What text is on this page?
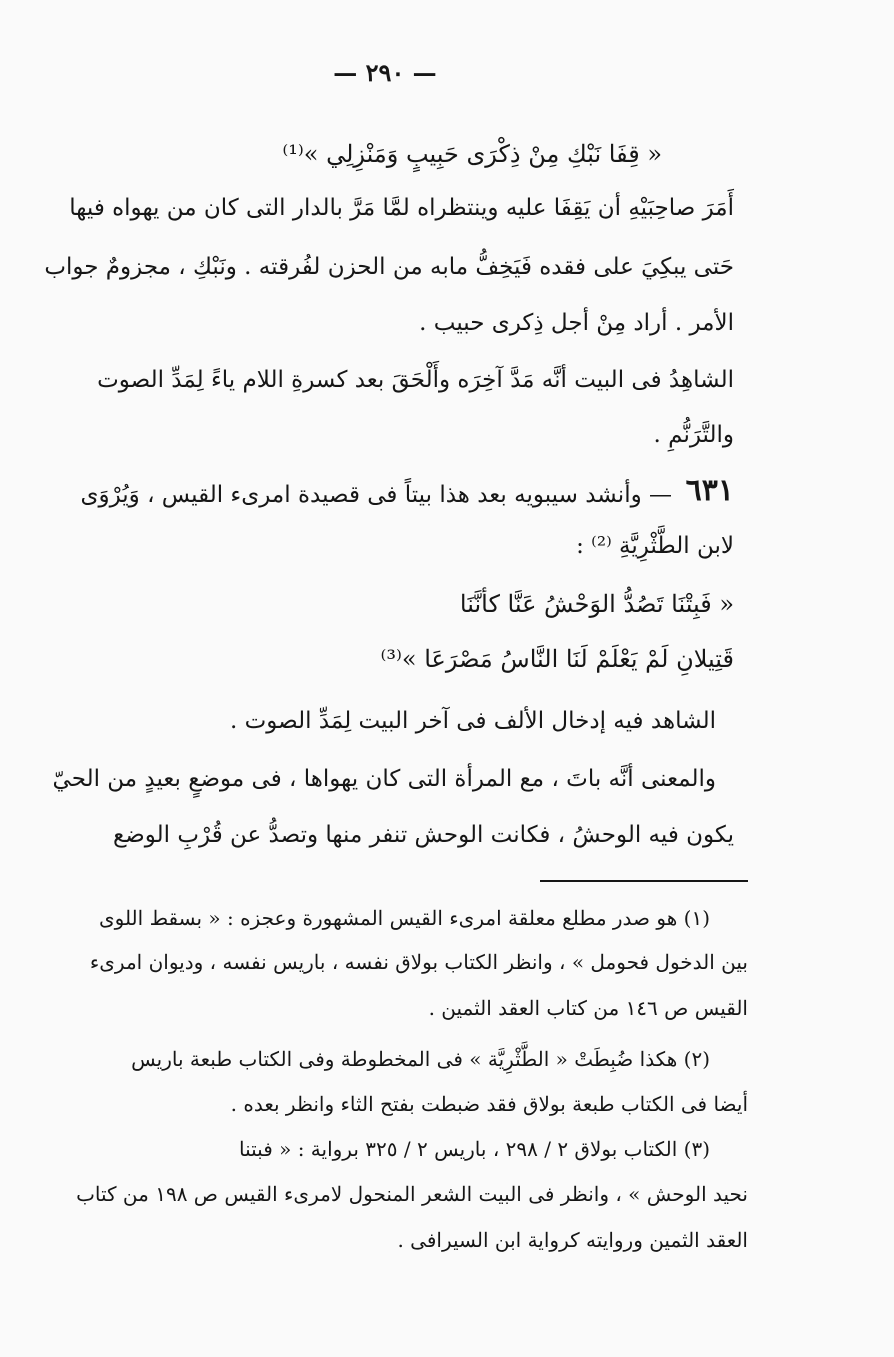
— ٢٩٠ —
« قِفَا نَبْكِ مِنْ ذِكْرَى حَبِيبٍ وَمَنْزِلِي »⁽¹⁾
أَمَرَ صاحِبَيْهِ أن يَقِفَا عليه وينتظراه لمَّا مَرَّ بالدار التى كان من يهواه فيها
حَتى يبكِيَ على فقده فَيَخِفُّ مابه من الحزن لفُرقته . ونَبْكِ ، مجزومٌ جواب
الأمر . أراد مِنْ أجل ذِكرى حبيب .
الشاهِدُ فى البيت أنَّه مَدَّ آخِرَه وأَلْحَقَ بعد كسرةِ اللام ياءً لِمَدِّ الصوت
والتَّرَنُّمِ .
٦٣١
— وأنشد سيبويه بعد هذا بيتاً فى قصيدة امرىء القيس ، وَيُرْوَى
لابن الطَّثْرِيَّةِ ⁽²⁾ :
« فَبِتْنَا تَصُدُّ الوَحْشُ عَنَّا كأنَّنَا
قَتِيلانِ لَمْ يَعْلَمْ لَنَا النَّاسُ مَصْرَعَا »⁽³⁾
الشاهد فيه إدخال الألف فى آخر البيت لِمَدِّ الصوت .
والمعنى أنَّه باتَ ، مع المرأة التى كان يهواها ، فى موضعٍ بعيدٍ من الحيّ
يكون فيه الوحشُ ، فكانت الوحش تنفر منها وتصدُّ عن قُرْبِ الوضع
(١) هو صدر مطلع معلقة امرىء القيس المشهورة وعجزه : « بسقط اللوى
بين الدخول فحومل » ، وانظر الكتاب بولاق نفسه ، باريس نفسه ، وديوان امرىء
القيس ص ١٤٦ من كتاب العقد الثمين .
(٢) هكذا ضُبِطَتْ « الطَّثْرِيَّة » فى المخطوطة وفى الكتاب طبعة باريس
أيضا فى الكتاب طبعة بولاق فقد ضبطت بفتح الثاء وانظر بعده .
(٣) الكتاب بولاق ٢ / ٢٩٨ ، باريس ٢ / ٣٢٥ برواية : « فبتنا
نحيد الوحش » ، وانظر فى البيت الشعر المنحول لامرىء القيس ص ١٩٨ من كتاب
العقد الثمين وروايته كرواية ابن السيرافى .
